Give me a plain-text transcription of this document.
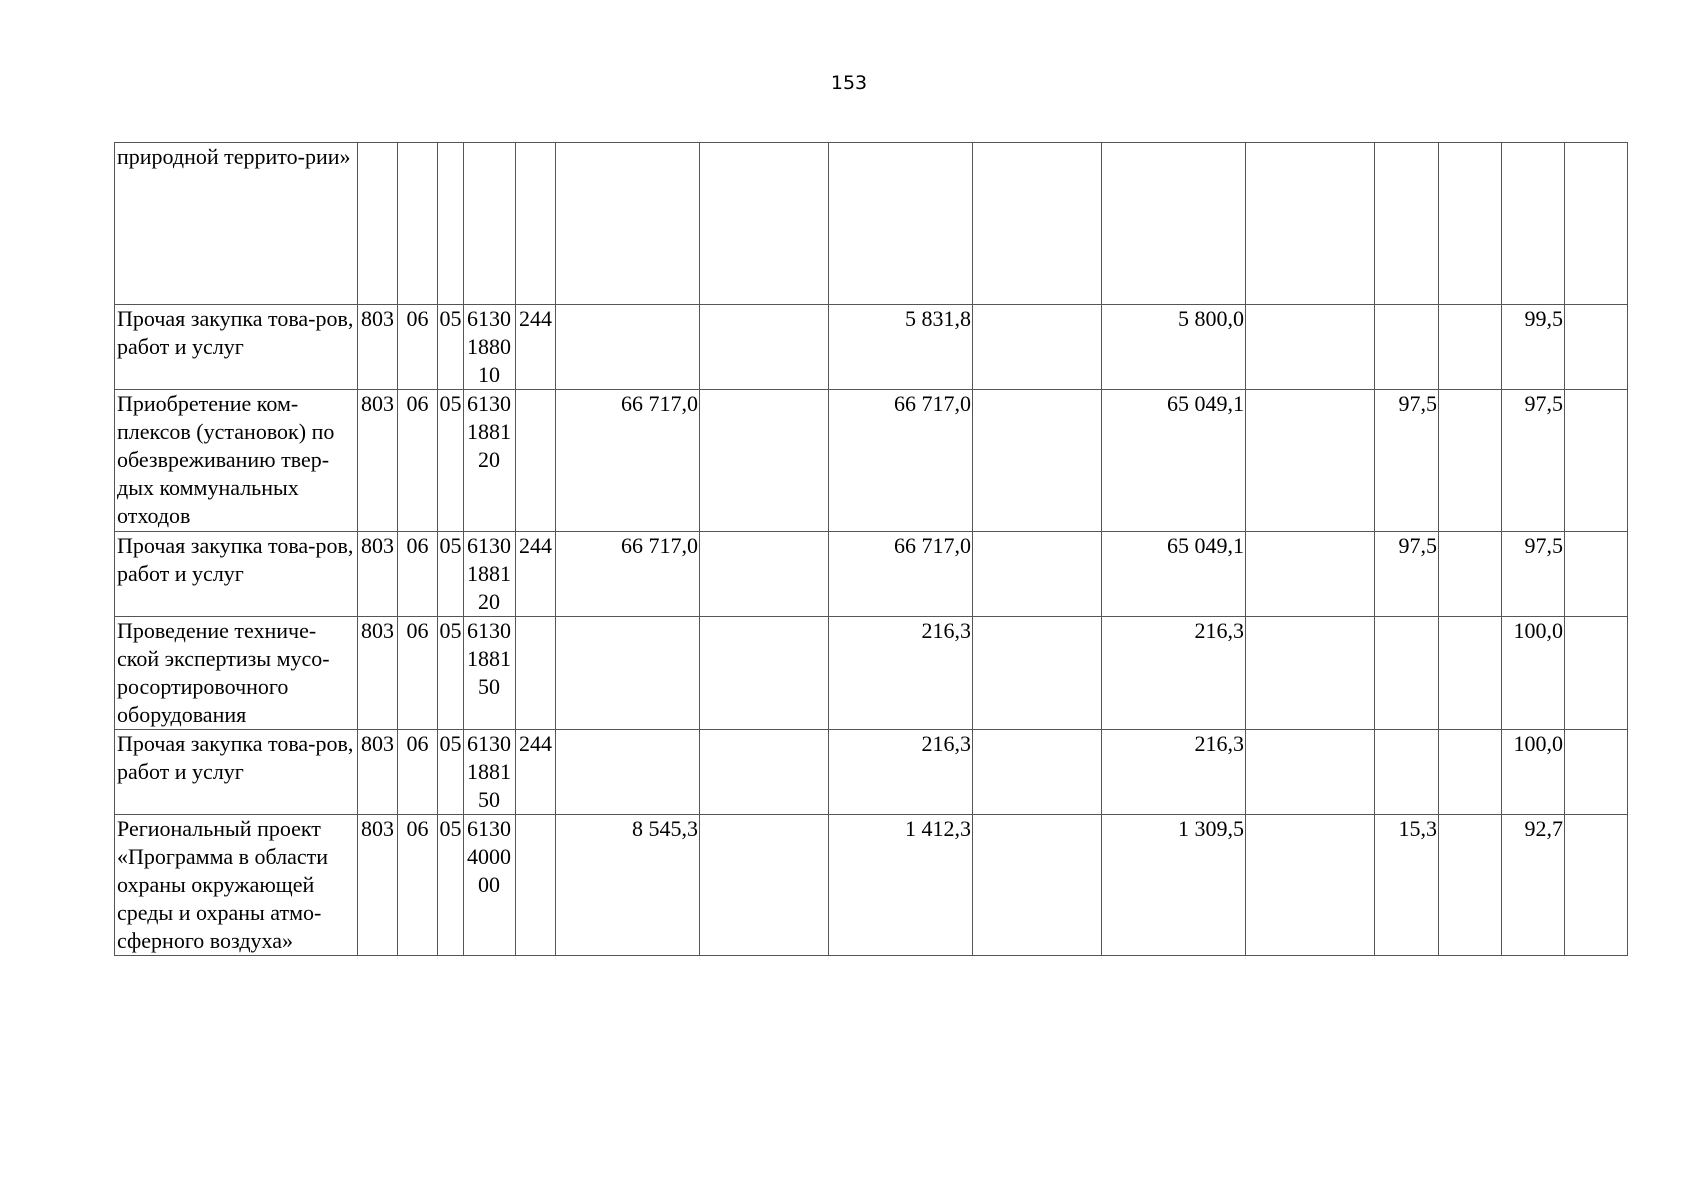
153
природной террито-рии»				

Прочая закупка това-ров, работ и услуг	803	06	05	6130188010	244			5 831,8		5 800,0				99,5	
Приобретение ком-плексов (установок) по обезвреживанию твер-дых коммунальных отходов	803	06	05	6130188120		66 717,0		66 717,0		65 049,1		97,5		97,5	
Прочая закупка това-ров, работ и услуг	803	06	05	6130188120	244	66 717,0		66 717,0		65 049,1		97,5		97,5	
Проведение техниче-ской экспертизы мусо-росортировочного оборудования	803	06	05	6130188150				216,3		216,3				100,0	
Прочая закупка това-ров, работ и услуг	803	06	05	6130188150	244			216,3		216,3				100,0	
Региональный проект «Программа в области охраны окружающей среды и охраны атмо-сферного воздуха»	803	06	05	6130400000		8 545,3		1 412,3		1 309,5		15,3		92,7	
